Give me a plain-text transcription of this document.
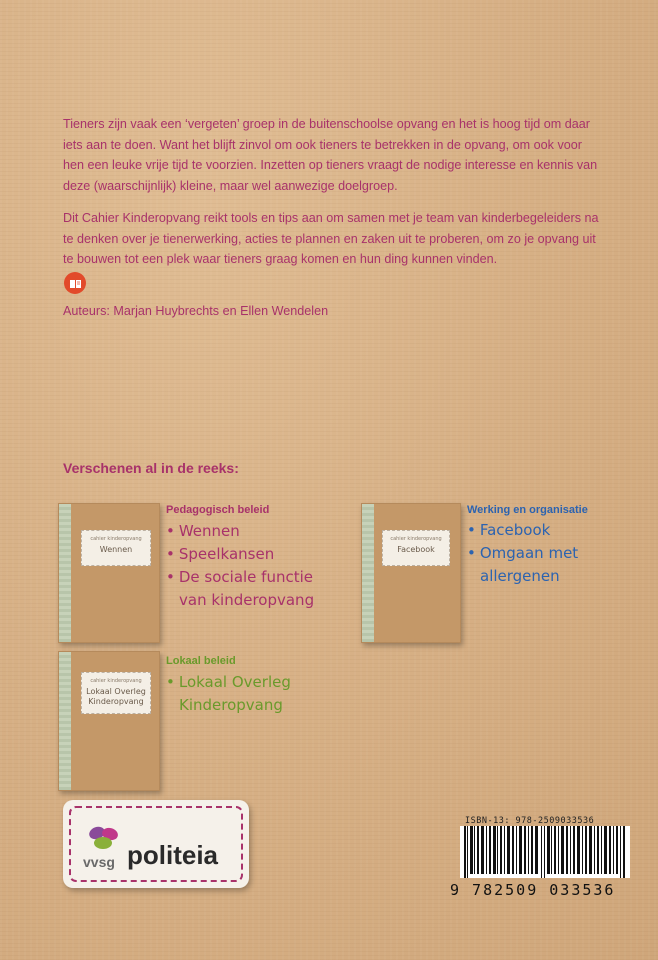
Tieners zijn vaak een ‘vergeten’ groep in de buitenschoolse opvang en het is hoog tijd om daar iets aan te doen. Want het blijft zinvol om ook tieners te betrekken in de opvang, om ook voor hen een leuke vrije tijd te voorzien. Inzetten op tieners vraagt de nodige interesse en kennis van deze (waarschijnlijk) kleine, maar wel aanwezige doelgroep.

Dit Cahier Kinderopvang reikt tools en tips aan om samen met je team van kinderbegeleiders na te denken over je tienerwerking, acties te plannen en zaken uit te proberen, om zo je opvang uit te bouwen tot een plek waar tieners graag komen en hun ding kunnen vinden.

Auteurs: Marjan Huybrechts en Ellen Wendelen
Verschenen al in de reeks:
cahier kinderopvang
Wennen
Pedagogisch beleid
• Wennen
• Speelkansen
• De sociale functie
van kinderopvang
cahier kinderopvang
Facebook
Werking en organisatie
• Facebook
• Omgaan met
allergenen
cahier kinderopvang
Lokaal Overleg
Kinderopvang
Lokaal beleid
• Lokaal Overleg
Kinderopvang
vvsg politeia
ISBN-13: 978-2509033536
9 782509 033536
